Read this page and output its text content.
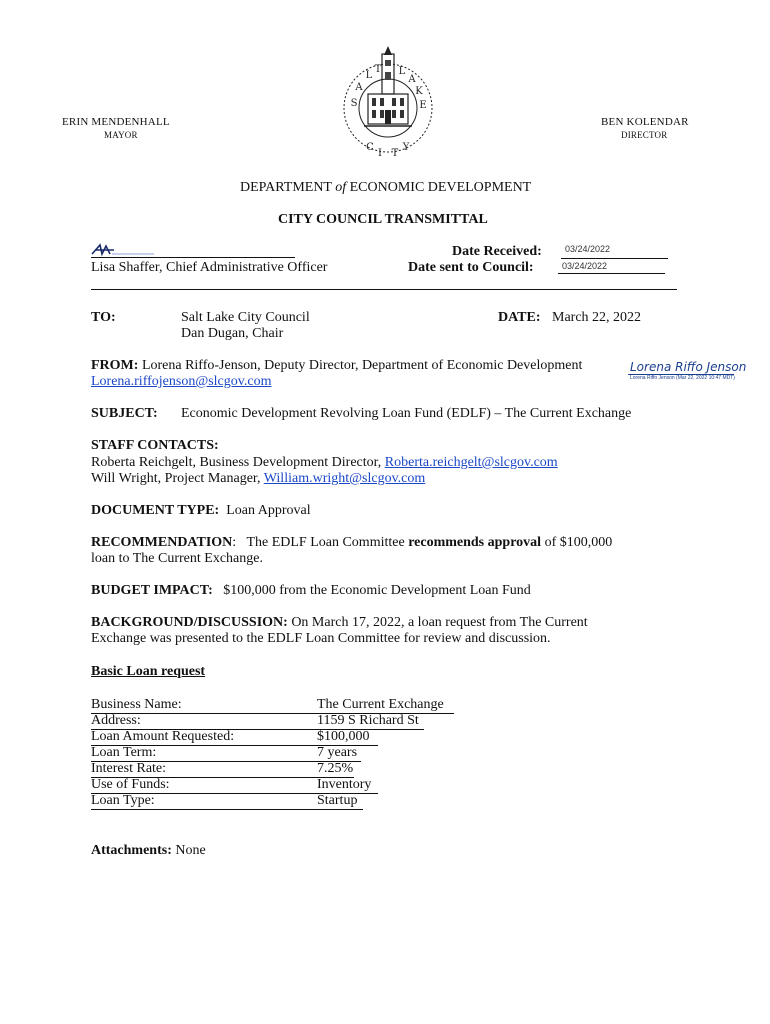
ERIN MENDENHALL
MAYOR
BEN KOLENDAR
DIRECTOR
S
A
L
T L
A
K
E
C
I T
Y
DEPARTMENT of ECONOMIC DEVELOPMENT
CITY COUNCIL TRANSMITTAL
Lisa Shaffer, Chief Administrative Officer
Date Received:	03/24/2022
Date sent to Council:	03/24/2022
TO:	Salt Lake City Council
Dan Dugan, Chair
DATE: March 22, 2022
FROM: Lorena Riffo-Jenson, Deputy Director, Department of Economic Development
Lorena.riffojenson@slcgov.com
Lorena Riffo Jenson
Lorena Riffo Jenson (Mar 22, 2022 10:47 MDT)
SUBJECT: Economic Development Revolving Loan Fund (EDLF) – The Current Exchange
STAFF CONTACTS:
Roberta Reichgelt, Business Development Director, Roberta.reichgelt@slcgov.com
Will Wright, Project Manager, William.wright@slcgov.com
DOCUMENT TYPE: Loan Approval
RECOMMENDATION: The EDLF Loan Committee recommends approval of $100,000
loan to The Current Exchange.
BUDGET IMPACT: $100,000 from the Economic Development Loan Fund
BACKGROUND/DISCUSSION: On March 17, 2022, a loan request from The Current
Exchange was presented to the EDLF Loan Committee for review and discussion.
Basic Loan request
Business Name:	The Current Exchange
Address:	1159 S Richard St
Loan Amount Requested:	$100,000
Loan Term:	7 years
Interest Rate:	7.25%
Use of Funds:	Inventory
Loan Type:	Startup
Attachments: None
